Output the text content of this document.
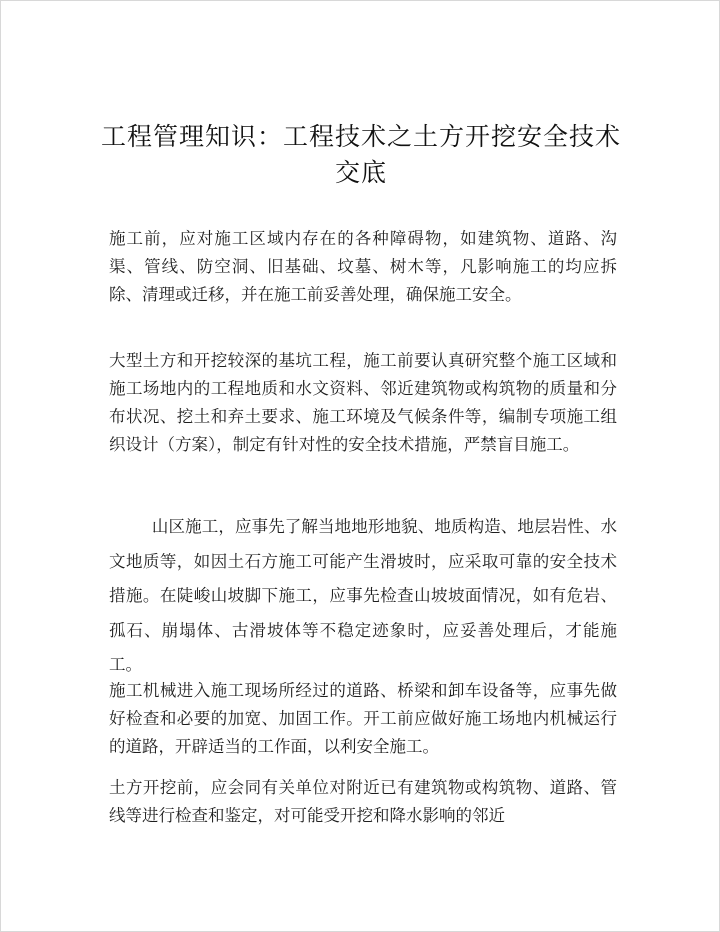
工程管理知识：工程技术之土方开挖安全技术交底

施工前，应对施工区域内存在的各种障碍物，如建筑物、道路、沟渠、管线、防空洞、旧基础、坟墓、树木等，凡影响施工的均应拆除、清理或迁移，并在施工前妥善处理，确保施工安全。

大型土方和开挖较深的基坑工程，施工前要认真研究整个施工区域和施工场地内的工程地质和水文资料、邻近建筑物或构筑物的质量和分布状况、挖土和弃土要求、施工环境及气候条件等，编制专项施工组织设计（方案），制定有针对性的安全技术措施，严禁盲目施工。

山区施工，应事先了解当地地形地貌、地质构造、地层岩性、水文地质等，如因土石方施工可能产生滑坡时，应采取可靠的安全技术措施。在陡峻山坡脚下施工，应事先检查山坡坡面情况，如有危岩、孤石、崩塌体、古滑坡体等不稳定迹象时，应妥善处理后，才能施工。

施工机械进入施工现场所经过的道路、桥梁和卸车设备等，应事先做好检查和必要的加宽、加固工作。开工前应做好施工场地内机械运行的道路，开辟适当的工作面，以利安全施工。

土方开挖前，应会同有关单位对附近已有建筑物或构筑物、道路、管线等进行检查和鉴定，对可能受开挖和降水影响的邻近
